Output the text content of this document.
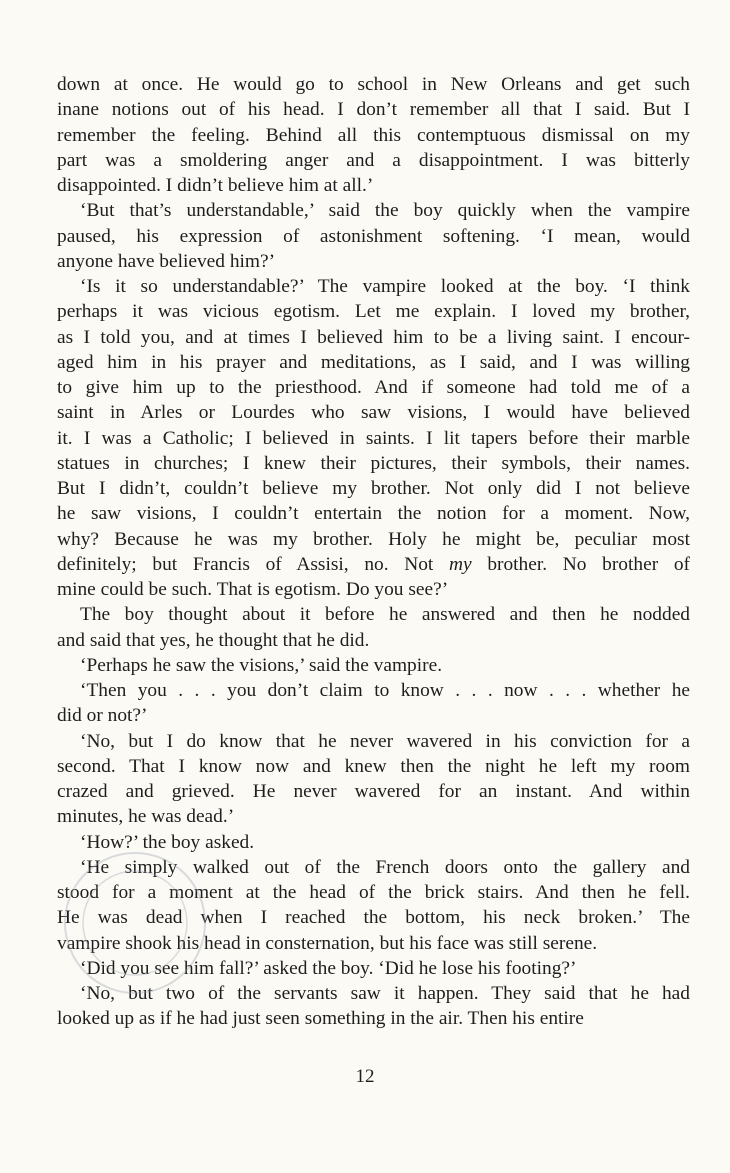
down at once. He would go to school in New Orleans and get such
inane notions out of his head. I don’t remember all that I said. But I
remember the feeling. Behind all this contemptuous dismissal on my
part was a smoldering anger and a disappointment. I was bitterly
disappointed. I didn’t believe him at all.’
‘But that’s understandable,’ said the boy quickly when the vampire
paused, his expression of astonishment softening. ‘I mean, would
anyone have believed him?’
‘Is it so understandable?’ The vampire looked at the boy. ‘I think
perhaps it was vicious egotism. Let me explain. I loved my brother,
as I told you, and at times I believed him to be a living saint. I encour-
aged him in his prayer and meditations, as I said, and I was willing
to give him up to the priesthood. And if someone had told me of a
saint in Arles or Lourdes who saw visions, I would have believed
it. I was a Catholic; I believed in saints. I lit tapers before their marble
statues in churches; I knew their pictures, their symbols, their names.
But I didn’t, couldn’t believe my brother. Not only did I not believe
he saw visions, I couldn’t entertain the notion for a moment. Now,
why? Because he was my brother. Holy he might be, peculiar most
definitely; but Francis of Assisi, no. Not my brother. No brother of
mine could be such. That is egotism. Do you see?’
The boy thought about it before he answered and then he nodded
and said that yes, he thought that he did.
‘Perhaps he saw the visions,’ said the vampire.
‘Then you . . . you don’t claim to know . . . now . . . whether he
did or not?’
‘No, but I do know that he never wavered in his conviction for a
second. That I know now and knew then the night he left my room
crazed and grieved. He never wavered for an instant. And within
minutes, he was dead.’
‘How?’ the boy asked.
‘He simply walked out of the French doors onto the gallery and
stood for a moment at the head of the brick stairs. And then he fell.
He was dead when I reached the bottom, his neck broken.’ The
vampire shook his head in consternation, but his face was still serene.
‘Did you see him fall?’ asked the boy. ‘Did he lose his footing?’
‘No, but two of the servants saw it happen. They said that he had
looked up as if he had just seen something in the air. Then his entire
12
